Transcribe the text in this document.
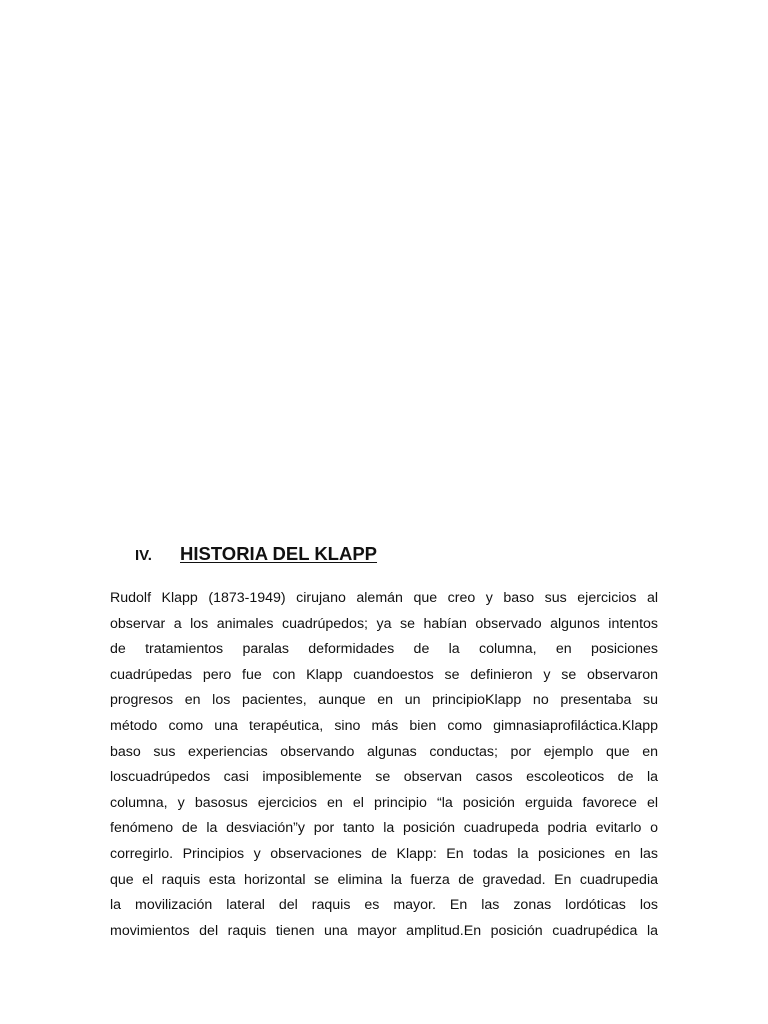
IV.	HISTORIA DEL KLAPP

Rudolf Klapp (1873-1949) cirujano alemán que creo y baso sus ejercicios al
observar a los animales cuadrúpedos; ya se habían observado algunos intentos
de tratamientos paralas deformidades de la columna, en posiciones
cuadrúpedas pero fue con Klapp cuandoestos se definieron y se observaron
progresos en los pacientes, aunque en un principioKlapp no presentaba su
método como una terapéutica, sino más bien como gimnasiaprofiláctica.Klapp
baso sus experiencias observando algunas conductas; por ejemplo que en
loscuadrúpedos casi imposiblemente se observan casos escoleoticos de la
columna, y basosus ejercicios en el principio “la posición erguida favorece el
fenómeno de la desviación”y por tanto la posición cuadrupeda podria evitarlo o
corregirlo. Principios y observaciones de Klapp: En todas la posiciones en las
que el raquis esta horizontal se elimina la fuerza de gravedad. En cuadrupedia
la movilización lateral del raquis es mayor. En las zonas lordóticas los
movimientos del raquis tienen una mayor amplitud.En posición cuadrupédica la
